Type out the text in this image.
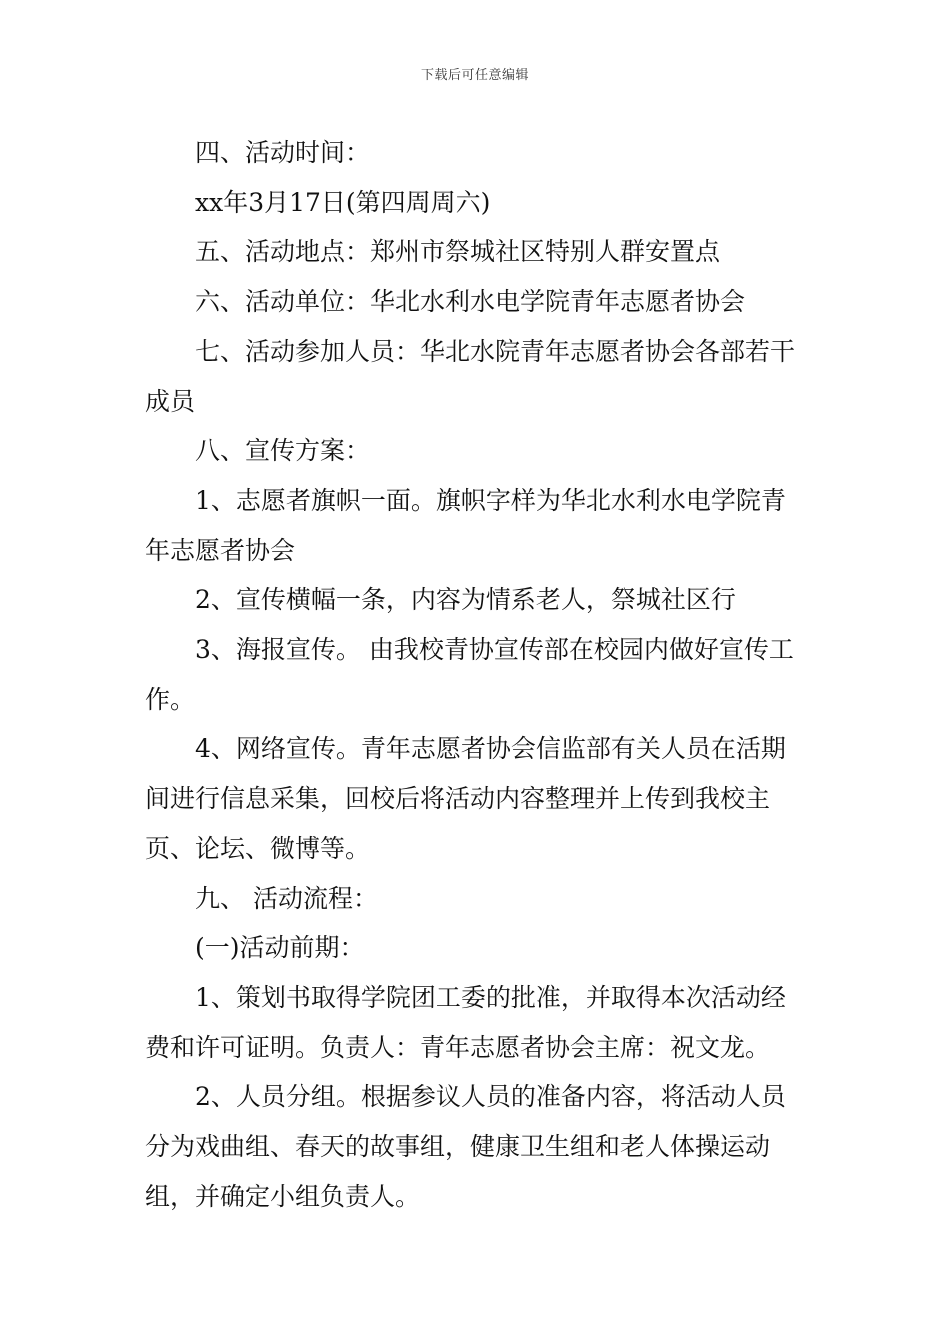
下载后可任意编辑

四、活动时间：

xx年3月17日(第四周周六)

五、活动地点：郑州市祭城社区特别人群安置点

六、活动单位：华北水利水电学院青年志愿者协会

七、活动参加人员：华北水院青年志愿者协会各部若干成员

八、宣传方案：

1、志愿者旗帜一面。旗帜字样为华北水利水电学院青年志愿者协会

2、宣传横幅一条，内容为情系老人，祭城社区行

3、海报宣传。 由我校青协宣传部在校园内做好宣传工作。

4、网络宣传。青年志愿者协会信监部有关人员在活期间进行信息采集，回校后将活动内容整理并上传到我校主页、论坛、微博等。

九、 活动流程：

(一)活动前期：

1、策划书取得学院团工委的批准，并取得本次活动经费和许可证明。负责人：青年志愿者协会主席：祝文龙。

2、人员分组。根据参议人员的准备内容，将活动人员分为戏曲组、春天的故事组，健康卫生组和老人体操运动组，并确定小组负责人。
